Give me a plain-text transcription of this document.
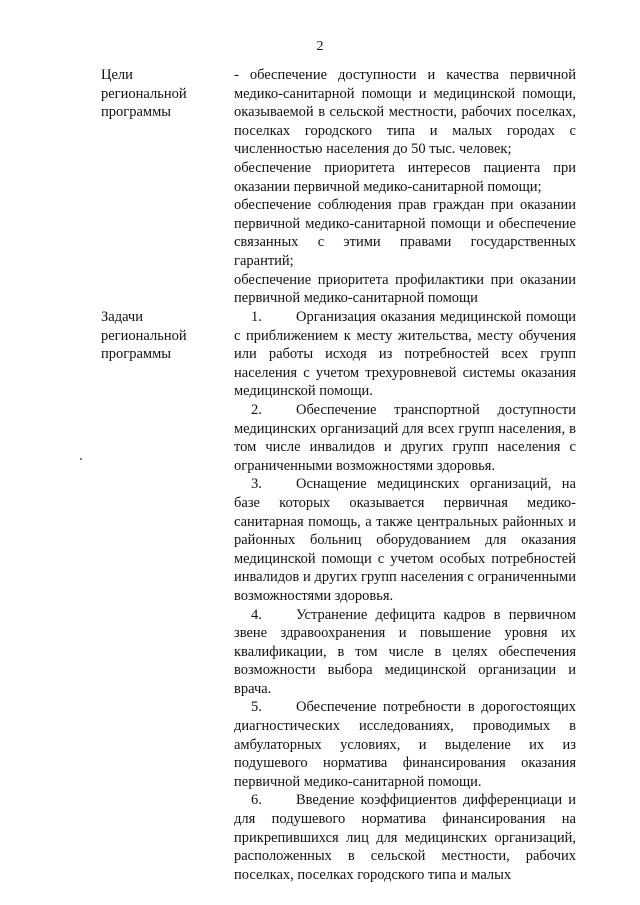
2
Цели
региональной
программы

- обеспечение доступности и качества первичной медико-санитарной помощи и медицинской помощи, оказываемой в сельской местности, рабочих поселках, поселках городского типа и малых городах с численностью населения до 50 тыс. человек;

обеспечение приоритета интересов пациента при оказании первичной медико-санитарной помощи;

обеспечение соблюдения прав граждан при оказании первичной медико-санитарной помощи и обеспечение связанных с этими правами государственных гарантий;

обеспечение приоритета профилактики при оказании первичной медико-санитарной помощи

Задачи
региональной
программы

1. Организация оказания медицинской помощи с приближением к месту жительства, месту обучения или работы исходя из потребностей всех групп населения с учетом трехуровневой системы оказания медицинской помощи.

2. Обеспечение транспортной доступности медицинских организаций для всех групп населения, в том числе инвалидов и других групп населения с ограниченными возможностями здоровья.

3. Оснащение медицинских организаций, на базе которых оказывается первичная медико-санитарная помощь, а также центральных районных и районных больниц оборудованием для оказания медицинской помощи с учетом особых потребностей инвалидов и других групп населения с ограниченными возможностями здоровья.

4. Устранение дефицита кадров в первичном звене здравоохранения и повышение уровня их квалификации, в том числе в целях обеспечения возможности выбора медицинской организации и врача.

5. Обеспечение потребности в дорогостоящих диагностических исследованиях, проводимых в амбулаторных условиях, и выделение их из подушевого норматива финансирования оказания первичной медико-санитарной помощи.

6. Введение коэффициентов дифференциаци и для подушевого норматива финансирования на прикрепившихся лиц для медицинских организаций, расположенных в сельской местности, рабочих поселках, поселках городского типа и малых
